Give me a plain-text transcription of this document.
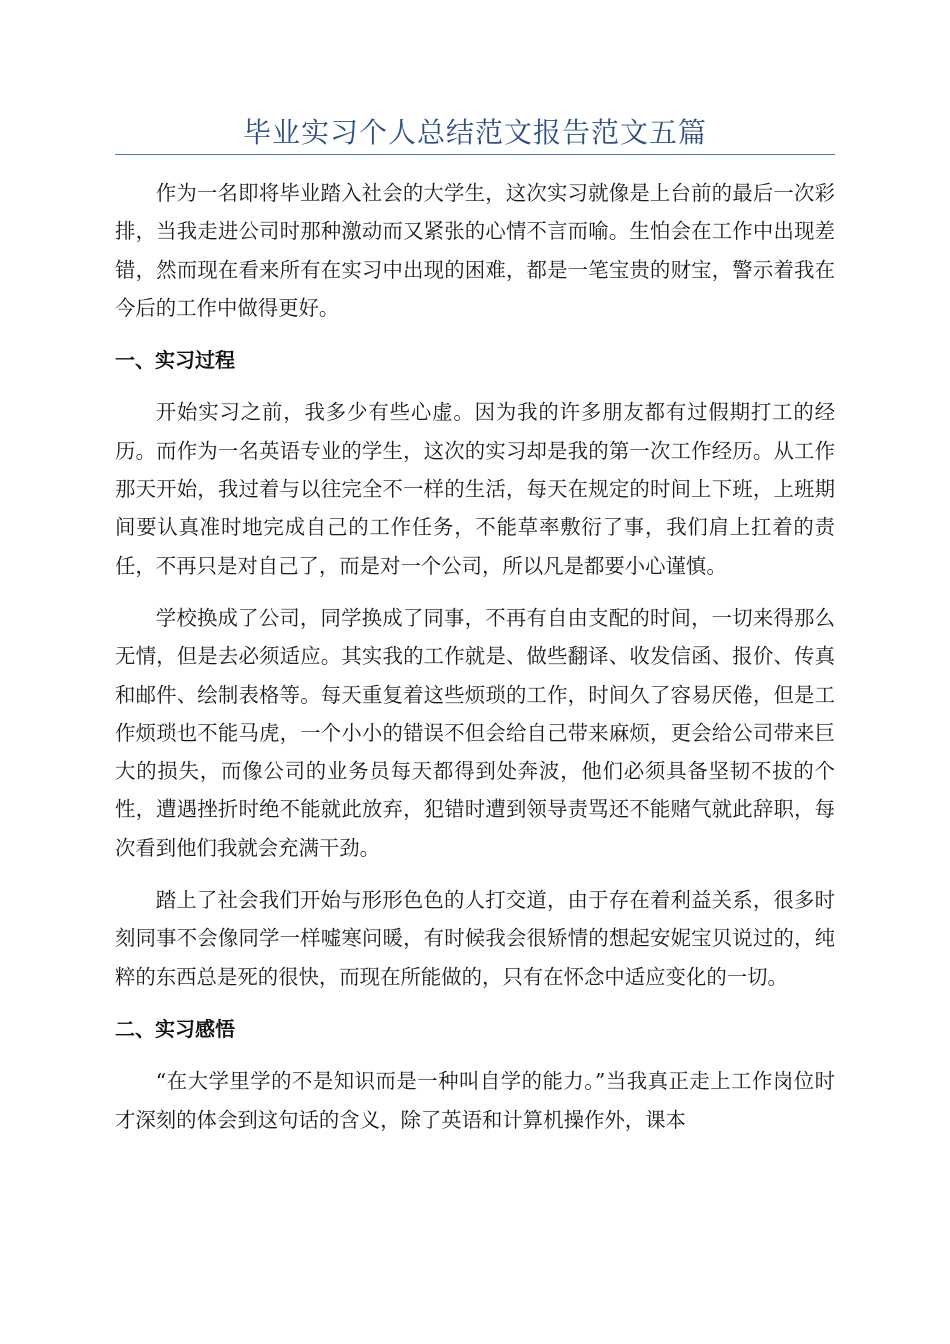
毕业实习个人总结范文报告范文五篇

作为一名即将毕业踏入社会的大学生，这次实习就像是上台前的最后一次彩排，当我走进公司时那种激动而又紧张的心情不言而喻。生怕会在工作中出现差错，然而现在看来所有在实习中出现的困难，都是一笔宝贵的财宝，警示着我在今后的工作中做得更好。

一、实习过程

开始实习之前，我多少有些心虚。因为我的许多朋友都有过假期打工的经历。而作为一名英语专业的学生，这次的实习却是我的第一次工作经历。从工作那天开始，我过着与以往完全不一样的生活，每天在规定的时间上下班，上班期间要认真准时地完成自己的工作任务，不能草率敷衍了事，我们肩上扛着的责任，不再只是对自己了，而是对一个公司，所以凡是都要小心谨慎。

学校换成了公司，同学换成了同事，不再有自由支配的时间，一切来得那么无情，但是去必须适应。其实我的工作就是、做些翻译、收发信函、报价、传真和邮件、绘制表格等。每天重复着这些烦琐的工作，时间久了容易厌倦，但是工作烦琐也不能马虎，一个小小的错误不但会给自己带来麻烦，更会给公司带来巨大的损失，而像公司的业务员每天都得到处奔波，他们必须具备坚韧不拔的个性，遭遇挫折时绝不能就此放弃，犯错时遭到领导责骂还不能赌气就此辞职，每次看到他们我就会充满干劲。

踏上了社会我们开始与形形色色的人打交道，由于存在着利益关系，很多时刻同事不会像同学一样嘘寒问暖，有时候我会很矫情的想起安妮宝贝说过的，纯粹的东西总是死的很快，而现在所能做的，只有在怀念中适应变化的一切。

二、实习感悟

“在大学里学的不是知识而是一种叫自学的能力。”当我真正走上工作岗位时才深刻的体会到这句话的含义，除了英语和计算机操作外，课本
